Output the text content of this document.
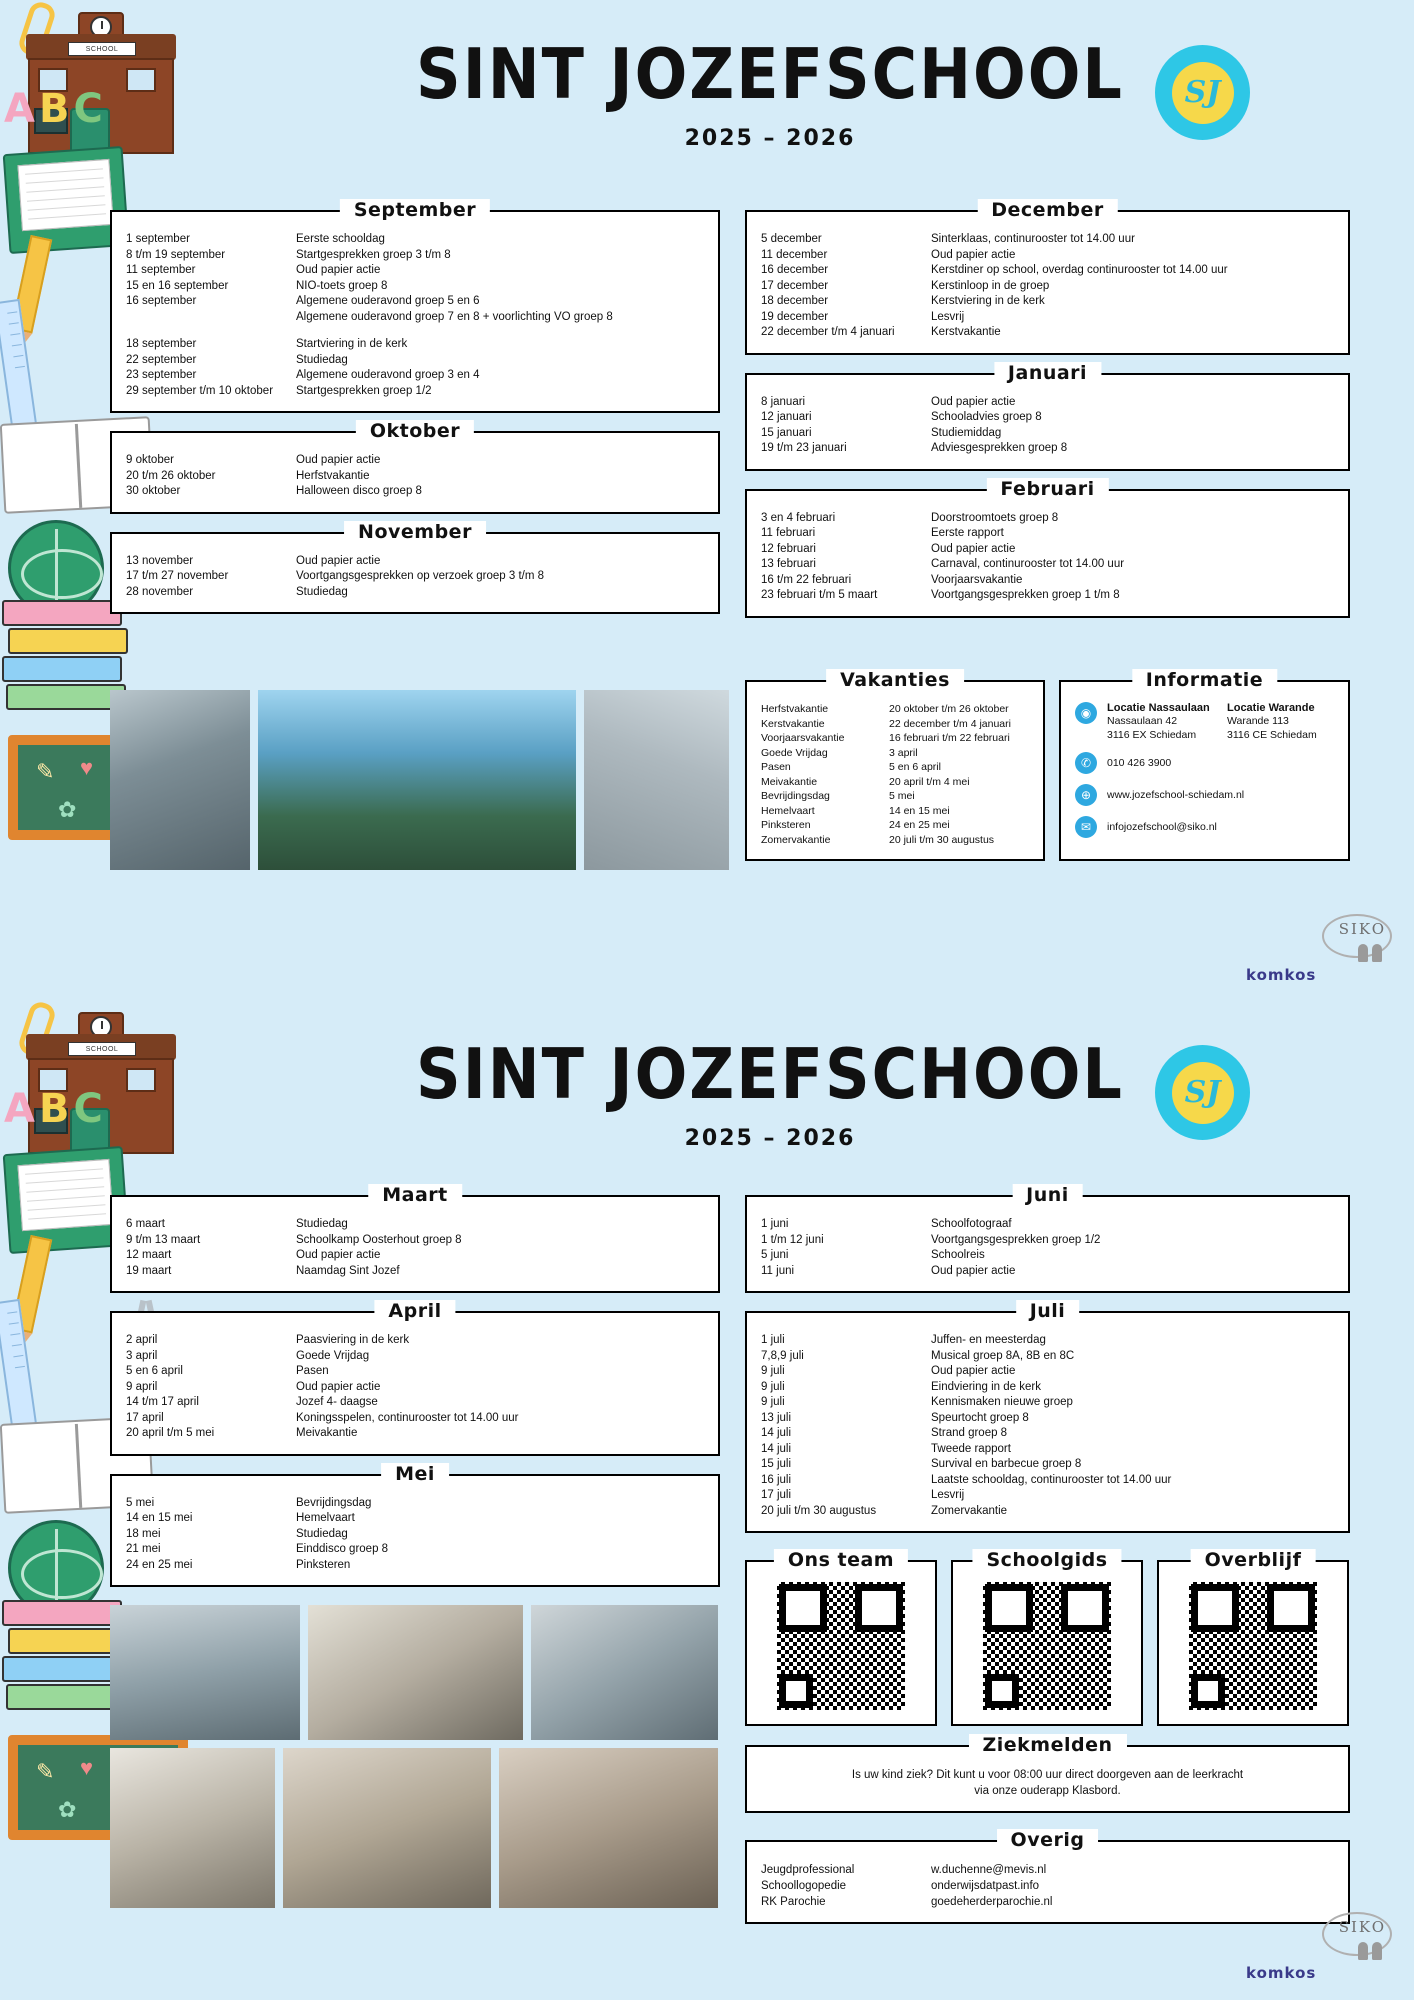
SCHOOL
ABC
✎ ♥
✿
SINT JOZEFSCHOOL
2025 – 2026
SJ
September
1 september	Eerste schooldag
8 t/m 19 september	Startgesprekken groep 3 t/m 8
11 september	Oud papier actie
15 en 16 september	NIO-toets groep 8
16 september	Algemene ouderavond groep 5 en 6
Algemene ouderavond groep 7 en 8 + voorlichting VO groep 8
18 september	Startviering in de kerk
22 september	Studiedag
23 september	Algemene ouderavond groep 3 en 4
29 september t/m 10 oktober	Startgesprekken groep 1/2
Oktober
9 oktober	Oud papier actie
20 t/m 26 oktober	Herfstvakantie
30 oktober	Halloween disco groep 8
November
13 november	Oud papier actie
17 t/m 27 november	Voortgangsgesprekken op verzoek groep 3 t/m 8
28 november	Studiedag
December
5 december	Sinterklaas, continurooster tot 14.00 uur
11 december	Oud papier actie
16 december	Kerstdiner op school, overdag continurooster tot 14.00 uur
17 december	Kerstinloop in de groep
18 december	Kerstviering in de kerk
19 december	Lesvrij
22 december t/m 4 januari	Kerstvakantie
Januari
8 januari	Oud papier actie
12 januari	Schooladvies groep 8
15 januari	Studiemiddag
19 t/m 23 januari	Adviesgesprekken groep 8
Februari
3 en 4 februari	Doorstroomtoets groep 8
11 februari	Eerste rapport
12 februari	Oud papier actie
13 februari	Carnaval, continurooster tot 14.00 uur
16 t/m 22 februari	Voorjaarsvakantie
23 februari t/m 5 maart	Voortgangsgesprekken groep 1 t/m 8
Vakanties
Herfstvakantie	20 oktober t/m 26 oktober
Kerstvakantie	22 december t/m 4 januari
Voorjaarsvakantie	16 februari t/m 22 februari
Goede Vrijdag	3 april
Pasen	5 en 6 april
Meivakantie	20 april t/m 4 mei
Bevrijdingsdag	5 mei
Hemelvaart	14 en 15 mei
Pinksteren	24 en 25 mei
Zomervakantie	20 juli t/m 30 augustus
Informatie
◉	Locatie Nassaulaan	Locatie Warande
Nassaulaan 42	Warande 113
3116 EX Schiedam	3116 CE Schiedam
✆	010 426 3900
⊕	www.jozefschool-schiedam.nl
✉	infojozefschool@siko.nl
SIKO
komkos
SCHOOL
ABC
✎ ♥
✿
SINT JOZEFSCHOOL
2025 – 2026
SJ
Maart
6 maart	Studiedag
9 t/m 13 maart	Schoolkamp Oosterhout groep 8
12 maart	Oud papier actie
19 maart	Naamdag Sint Jozef
April
2 april	Paasviering in de kerk
3 april	Goede Vrijdag
5 en 6 april	Pasen
9 april	Oud papier actie
14 t/m 17 april	Jozef 4- daagse
17 april	Koningsspelen, continurooster tot 14.00 uur
20 april t/m 5 mei	Meivakantie
Mei
5 mei	Bevrijdingsdag
14 en 15 mei	Hemelvaart
18 mei	Studiedag
21 mei	Einddisco groep 8
24 en 25 mei	Pinksteren
Juni
1 juni	Schoolfotograaf
1 t/m 12 juni	Voortgangsgesprekken groep 1/2
5 juni	Schoolreis
11 juni	Oud papier actie
Juli
1 juli	Juffen- en meesterdag
7,8,9 juli	Musical groep 8A, 8B en 8C
9 juli	Oud papier actie
9 juli	Eindviering in de kerk
9 juli	Kennismaken nieuwe groep
13 juli	Speurtocht groep 8
14 juli	Strand groep 8
14 juli	Tweede rapport
15 juli	Survival en barbecue groep 8
16 juli	Laatste schooldag, continurooster tot 14.00 uur
17 juli	Lesvrij
20 juli t/m 30 augustus	Zomervakantie
Ons team	Schoolgids	Overblijf
Ziekmelden
Is uw kind ziek? Dit kunt u voor 08:00 uur direct doorgeven aan de leerkracht
via onze ouderapp Klasbord.
Overig
Jeugdprofessional	w.duchenne@mevis.nl
Schoollogopedie	onderwijsdatpast.info
RK Parochie	goedeherderparochie.nl
SIKO
komkos
